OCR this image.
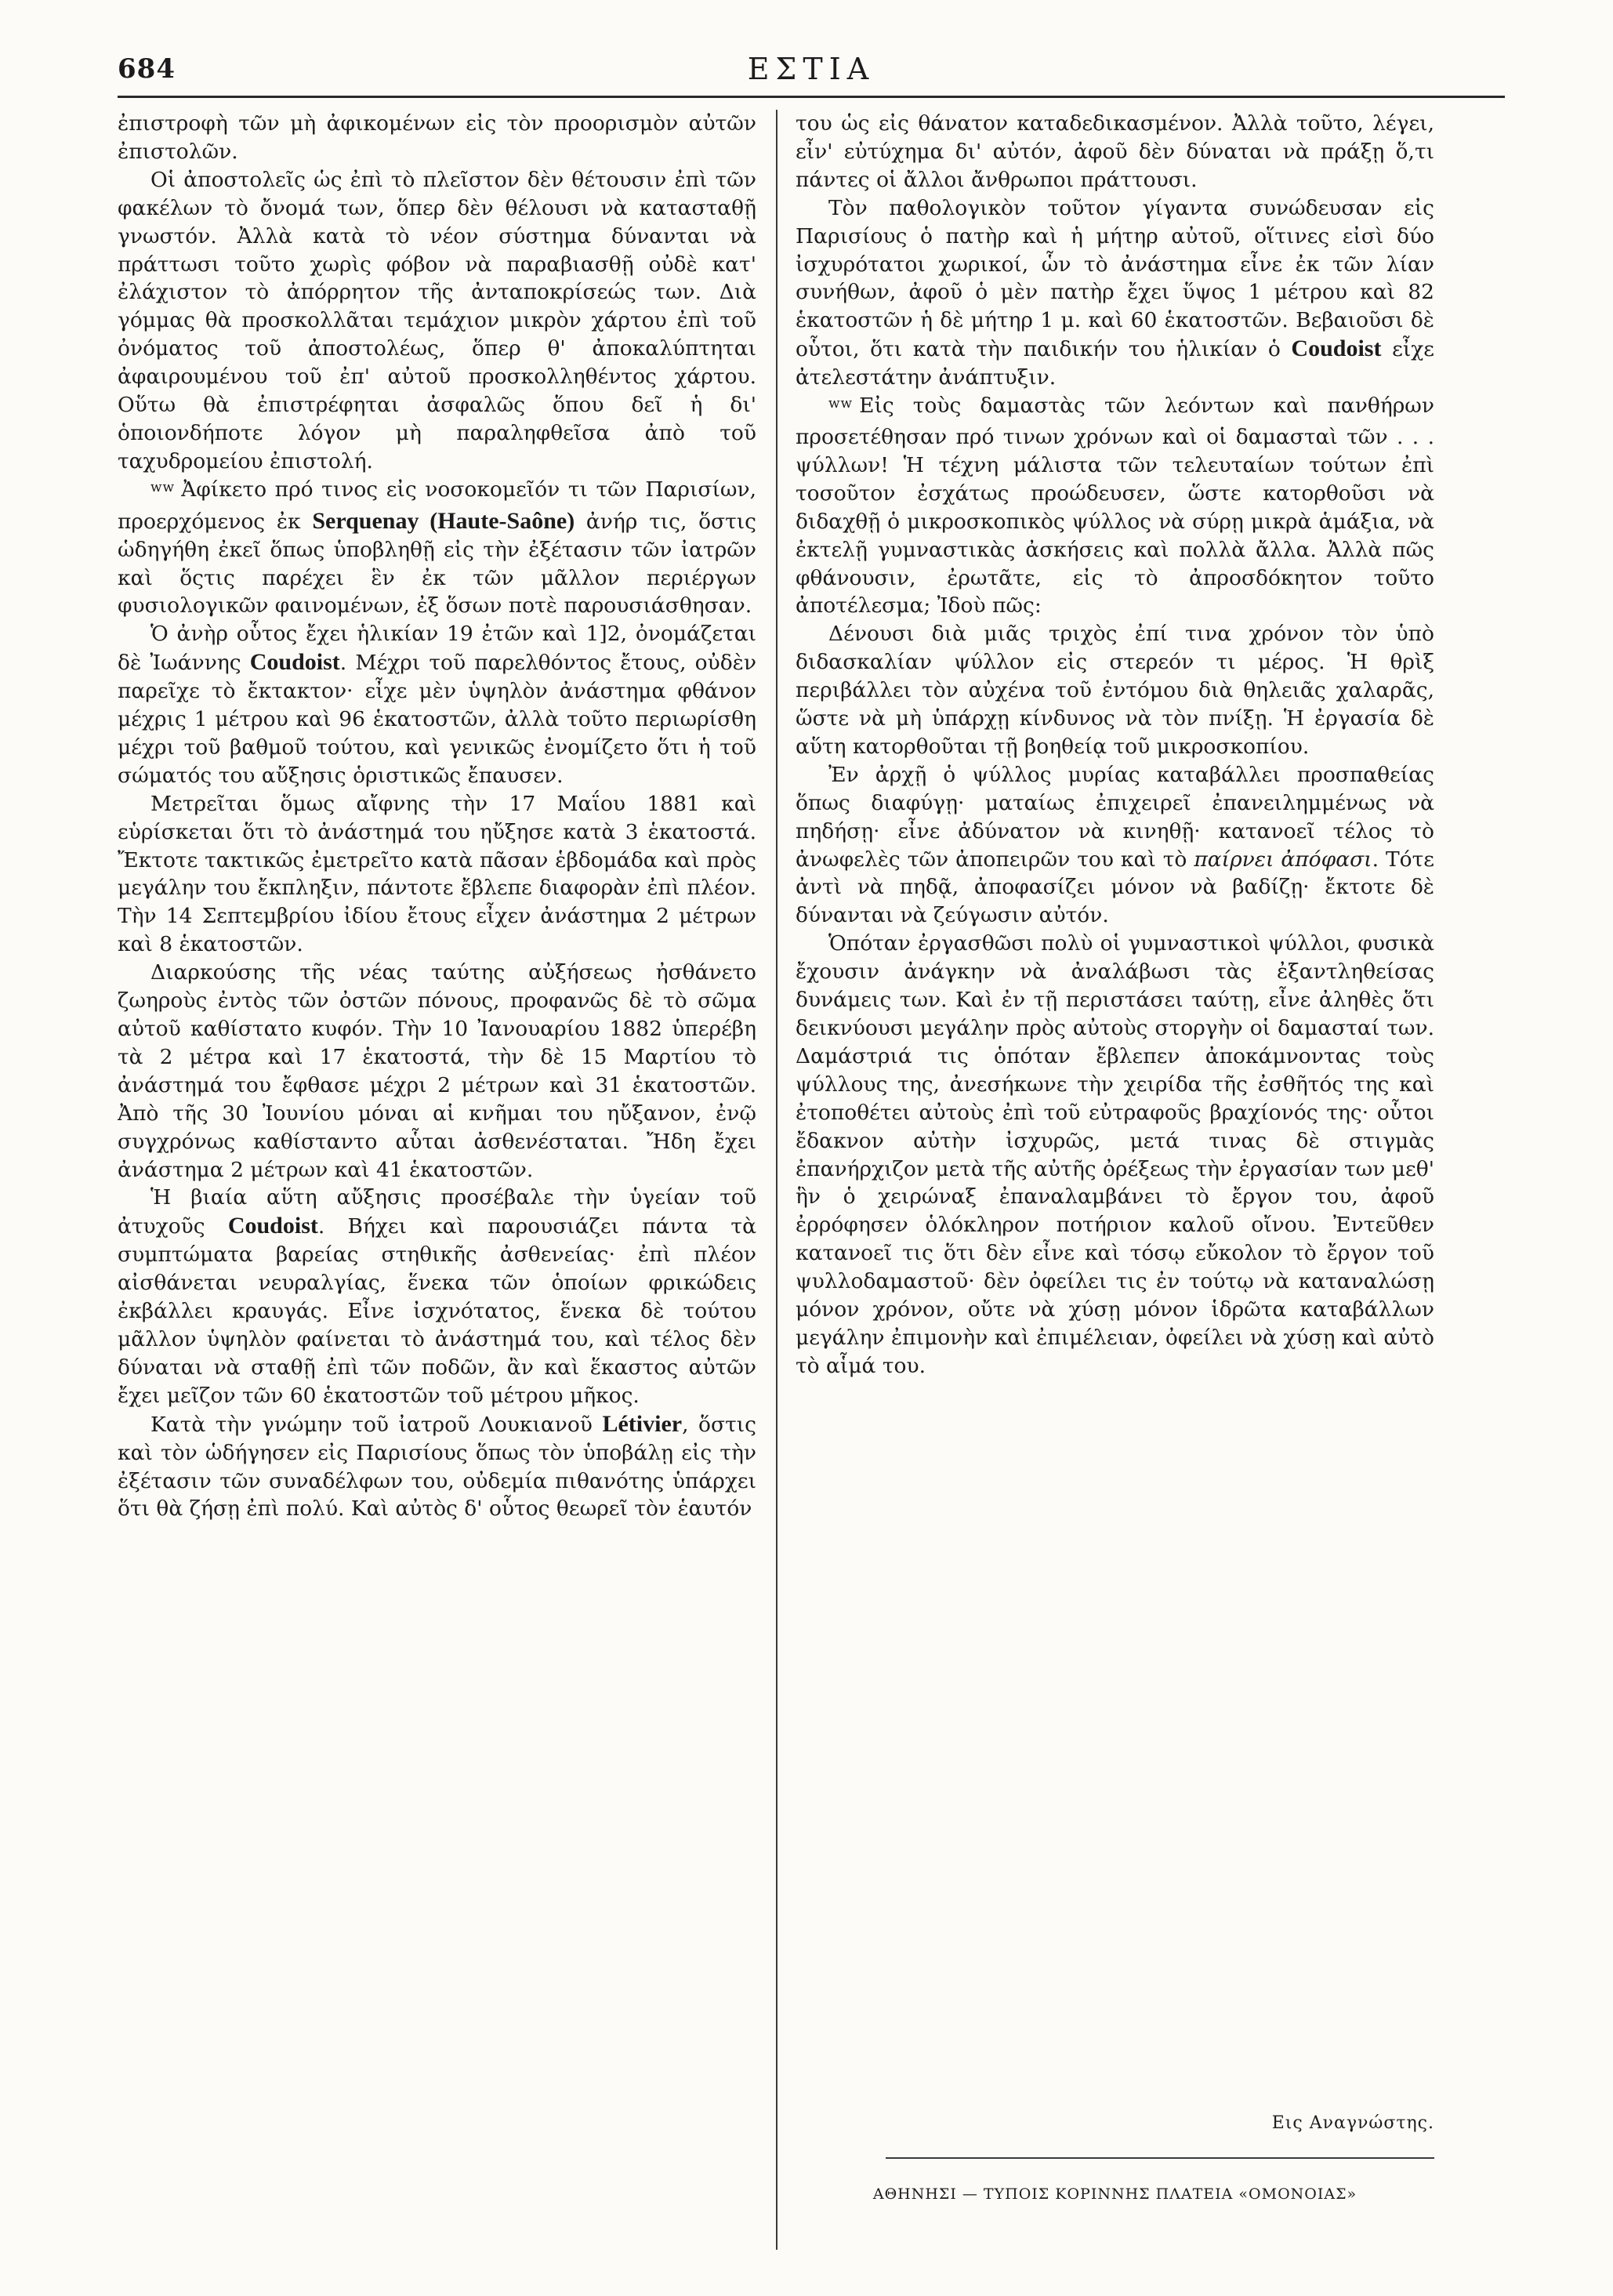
684	ΕΣΤΙΑ

ἐπιστροφὴ τῶν μὴ ἀφικομένων εἰς τὸν προορισμὸν αὐτῶν ἐπιστολῶν.

Οἱ ἀποστολεῖς ὡς ἐπὶ τὸ πλεῖστον δὲν θέτουσιν ἐπὶ τῶν φακέλων τὸ ὄνομά των, ὅπερ δὲν θέλουσι νὰ κατασταθῇ γνωστόν. Ἀλλὰ κατὰ τὸ νέον σύστημα δύνανται νὰ πράττωσι τοῦτο χωρὶς φόβον νὰ παραβιασθῇ οὐδὲ κατ' ἐλάχιστον τὸ ἀπόρρητον τῆς ἀνταποκρίσεώς των. Διὰ γόμμας θὰ προσκολλᾶται τεμάχιον μικρὸν χάρτου ἐπὶ τοῦ ὀνόματος τοῦ ἀποστολέως, ὅπερ θ' ἀποκαλύπτηται ἀφαιρουμένου τοῦ ἐπ' αὐτοῦ προσκολληθέντος χάρτου. Οὕτω θὰ ἐπιστρέφηται ἀσφαλῶς ὅπου δεῖ ἡ δι' ὁποιονδήποτε λόγον μὴ παραληφθεῖσα ἀπὸ τοῦ ταχυδρομείου ἐπιστολή.

$^{ww}$ Ἀφίκετο πρό τινος εἰς νοσοκομεῖόν τι τῶν Παρισίων, προερχόμενος ἐκ Serquenay (Haute-Saône) ἀνήρ τις, ὅστις ὡδηγήθη ἐκεῖ ὅπως ὑποβληθῇ εἰς τὴν ἐξέτασιν τῶν ἰατρῶν καὶ ὅςτις παρέχει ἓν ἐκ τῶν μᾶλλον περιέργων φυσιολογικῶν φαινομένων, ἐξ ὅσων ποτὲ παρουσιάσθησαν.

Ὁ ἀνὴρ οὗτος ἔχει ἡλικίαν 19 ἐτῶν καὶ 1]2, ὀνομάζεται δὲ Ἰωάννης Coudoist. Μέχρι τοῦ παρελθόντος ἔτους, οὐδὲν παρεῖχε τὸ ἔκτακτον· εἶχε μὲν ὑψηλὸν ἀνάστημα φθάνον μέχρις 1 μέτρου καὶ 96 ἑκατοστῶν, ἀλλὰ τοῦτο περιωρίσθη μέχρι τοῦ βαθμοῦ τούτου, καὶ γενικῶς ἐνομίζετο ὅτι ἡ τοῦ σώματός του αὔξησις ὁριστικῶς ἔπαυσεν.

Μετρεῖται ὅμως αἴφνης τὴν 17 Μαΐου 1881 καὶ εὑρίσκεται ὅτι τὸ ἀνάστημά του ηὔξησε κατὰ 3 ἑκατοστά. Ἔκτοτε τακτικῶς ἐμετρεῖτο κατὰ πᾶσαν ἑβδομάδα καὶ πρὸς μεγάλην του ἔκπληξιν, πάντοτε ἔβλεπε διαφορὰν ἐπὶ πλέον. Τὴν 14 Σεπτεμβρίου ἰδίου ἔτους εἶχεν ἀνάστημα 2 μέτρων καὶ 8 ἑκατοστῶν.

Διαρκούσης τῆς νέας ταύτης αὐξήσεως ἠσθάνετο ζωηροὺς ἐντὸς τῶν ὀστῶν πόνους, προφανῶς δὲ τὸ σῶμα αὐτοῦ καθίστατο κυφόν. Τὴν 10 Ἰανουαρίου 1882 ὑπερέβη τὰ 2 μέτρα καὶ 17 ἑκατοστά, τὴν δὲ 15 Μαρτίου τὸ ἀνάστημά του ἔφθασε μέχρι 2 μέτρων καὶ 31 ἑκατοστῶν. Ἀπὸ τῆς 30 Ἰουνίου μόναι αἱ κνῆμαι του ηὔξανον, ἐνῷ συγχρόνως καθίσταντο αὗται ἀσθενέσταται. Ἤδη ἔχει ἀνάστημα 2 μέτρων καὶ 41 ἑκατοστῶν.

Ἡ βιαία αὕτη αὔξησις προσέβαλε τὴν ὑγείαν τοῦ ἀτυχοῦς Coudoist. Βήχει καὶ παρουσιάζει πάντα τὰ συμπτώματα βαρείας στηθικῆς ἀσθενείας· ἐπὶ πλέον αἰσθάνεται νευραλγίας, ἕνεκα τῶν ὁποίων φρικώδεις ἐκβάλλει κραυγάς. Εἶνε ἰσχνότατος, ἕνεκα δὲ τούτου μᾶλλον ὑψηλὸν φαίνεται τὸ ἀνάστημά του, καὶ τέλος δὲν δύναται νὰ σταθῇ ἐπὶ τῶν ποδῶν, ἂν καὶ ἕκαστος αὐτῶν ἔχει μεῖζον τῶν 60 ἑκατοστῶν τοῦ μέτρου μῆκος.

Κατὰ τὴν γνώμην τοῦ ἰατροῦ Λουκιανοῦ Létivier, ὅστις καὶ τὸν ὡδήγησεν εἰς Παρισίους ὅπως τὸν ὑποβάλῃ εἰς τὴν ἐξέτασιν τῶν συναδέλφων του, οὐδεμία πιθανότης ὑπάρχει ὅτι θὰ ζήσῃ ἐπὶ πολύ. Καὶ αὐτὸς δ' οὗτος θεωρεῖ τὸν ἑαυτόν

του ὡς εἰς θάνατον καταδεδικασμένον. Ἀλλὰ τοῦτο, λέγει, εἶν' εὐτύχημα δι' αὐτόν, ἀφοῦ δὲν δύναται νὰ πράξῃ ὅ,τι πάντες οἱ ἄλλοι ἄνθρωποι πράττουσι.

Τὸν παθολογικὸν τοῦτον γίγαντα συνώδευσαν εἰς Παρισίους ὁ πατὴρ καὶ ἡ μήτηρ αὐτοῦ, οἵτινες εἰσὶ δύο ἰσχυρότατοι χωρικοί, ὧν τὸ ἀνάστημα εἶνε ἐκ τῶν λίαν συνήθων, ἀφοῦ ὁ μὲν πατὴρ ἔχει ὕψος 1 μέτρου καὶ 82 ἑκατοστῶν ἡ δὲ μήτηρ 1 μ. καὶ 60 ἑκατοστῶν. Βεβαιοῦσι δὲ οὗτοι, ὅτι κατὰ τὴν παιδικήν του ἡλικίαν ὁ Coudoist εἶχε ἀτελεστάτην ἀνάπτυξιν.

$^{ww}$ Εἰς τοὺς δαμαστὰς τῶν λεόντων καὶ πανθήρων προσετέθησαν πρό τινων χρόνων καὶ οἱ δαμασταὶ τῶν . . . ψύλλων! Ἡ τέχνη μάλιστα τῶν τελευταίων τούτων ἐπὶ τοσοῦτον ἐσχάτως προώδευσεν, ὥστε κατορθοῦσι νὰ διδαχθῇ ὁ μικροσκοπικὸς ψύλλος νὰ σύρῃ μικρὰ ἁμάξια, νὰ ἐκτελῇ γυμναστικὰς ἀσκήσεις καὶ πολλὰ ἄλλα. Ἀλλὰ πῶς φθάνουσιν, ἐρωτᾶτε, εἰς τὸ ἀπροσδόκητον τοῦτο ἀποτέλεσμα; Ἰδοὺ πῶς:

Δένουσι διὰ μιᾶς τριχὸς ἐπί τινα χρόνον τὸν ὑπὸ διδασκαλίαν ψύλλον εἰς στερεόν τι μέρος. Ἡ θρὶξ περιβάλλει τὸν αὐχένα τοῦ ἐντόμου διὰ θηλειᾶς χαλαρᾶς, ὥστε νὰ μὴ ὑπάρχῃ κίνδυνος νὰ τὸν πνίξῃ. Ἡ ἐργασία δὲ αὕτη κατορθοῦται τῇ βοηθείᾳ τοῦ μικροσκοπίου.

Ἐν ἀρχῇ ὁ ψύλλος μυρίας καταβάλλει προσπαθείας ὅπως διαφύγῃ· ματαίως ἐπιχειρεῖ ἐπανειλημμένως νὰ πηδήσῃ· εἶνε ἀδύνατον νὰ κινηθῇ· κατανοεῖ τέλος τὸ ἀνωφελὲς τῶν ἀποπειρῶν του καὶ τὸ παίρνει ἀπόφασι. Τότε ἀντὶ νὰ πηδᾷ, ἀποφασίζει μόνον νὰ βαδίζῃ· ἔκτοτε δὲ δύνανται νὰ ζεύγωσιν αὐτόν.

Ὁπόταν ἐργασθῶσι πολὺ οἱ γυμναστικοὶ ψύλλοι, φυσικὰ ἔχουσιν ἀνάγκην νὰ ἀναλάβωσι τὰς ἐξαντληθείσας δυνάμεις των. Καὶ ἐν τῇ περιστάσει ταύτῃ, εἶνε ἀληθὲς ὅτι δεικνύουσι μεγάλην πρὸς αὐτοὺς στοργὴν οἱ δαμασταί των. Δαμάστριά τις ὁπόταν ἔβλεπεν ἀποκάμνοντας τοὺς ψύλλους της, ἀνεσήκωνε τὴν χειρίδα τῆς ἐσθῆτός της καὶ ἐτοποθέτει αὐτοὺς ἐπὶ τοῦ εὐτραφοῦς βραχίονός της· οὗτοι ἔδακνον αὐτὴν ἰσχυρῶς, μετά τινας δὲ στιγμὰς ἐπανήρχιζον μετὰ τῆς αὐτῆς ὀρέξεως τὴν ἐργασίαν των μεθ' ἣν ὁ χειρώναξ ἐπαναλαμβάνει τὸ ἔργον του, ἀφοῦ ἐρρόφησεν ὁλόκληρον ποτήριον καλοῦ οἴνου. Ἐντεῦθεν κατανοεῖ τις ὅτι δὲν εἶνε καὶ τόσῳ εὔκολον τὸ ἔργον τοῦ ψυλλοδαμαστοῦ· δὲν ὀφείλει τις ἐν τούτῳ νὰ καταναλώσῃ μόνον χρόνον, οὔτε νὰ χύσῃ μόνον ἱδρῶτα καταβάλλων μεγάλην ἐπιμονὴν καὶ ἐπιμέλειαν, ὀφείλει νὰ χύσῃ καὶ αὐτὸ τὸ αἷμά του.

Εις Αναγνώστης.
ΑΘΗΝΗΣΙ — ΤΥΠΟΙΣ ΚΟΡΙΝΝΗΣ ΠΛΑΤΕΙΑ «ΟΜΟΝΟΙΑΣ»
